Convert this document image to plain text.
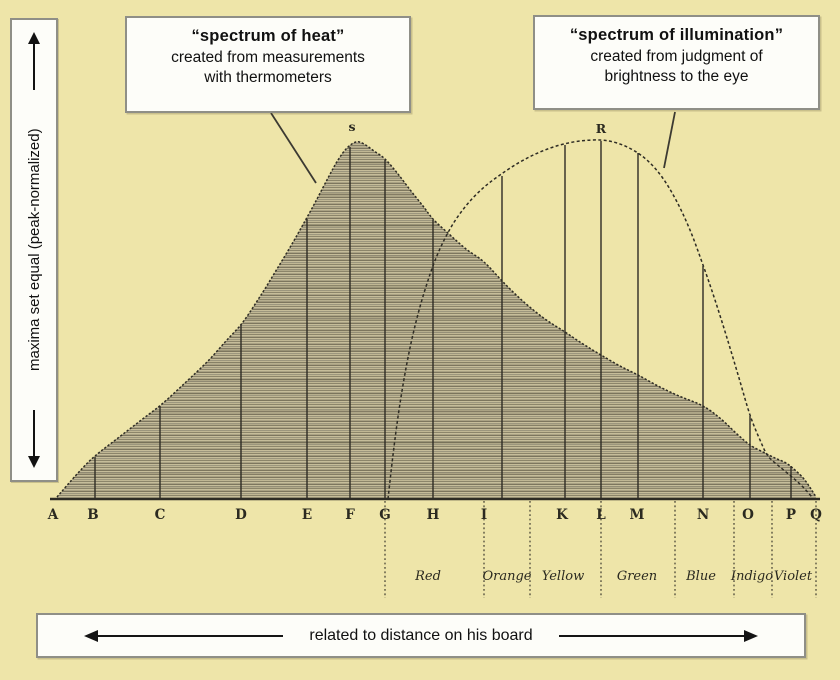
maxima set equal (peak-normalized)
“spectrum of heat”
created from measurements
with thermometers
“spectrum of illumination”
created from judgment of
brightness to the eye
A B	C	D	E F G	H	I	K L M	N O P Q
Red	Orange Yellow	Green Blue Indigo Violet
s	R
related to distance on his board
